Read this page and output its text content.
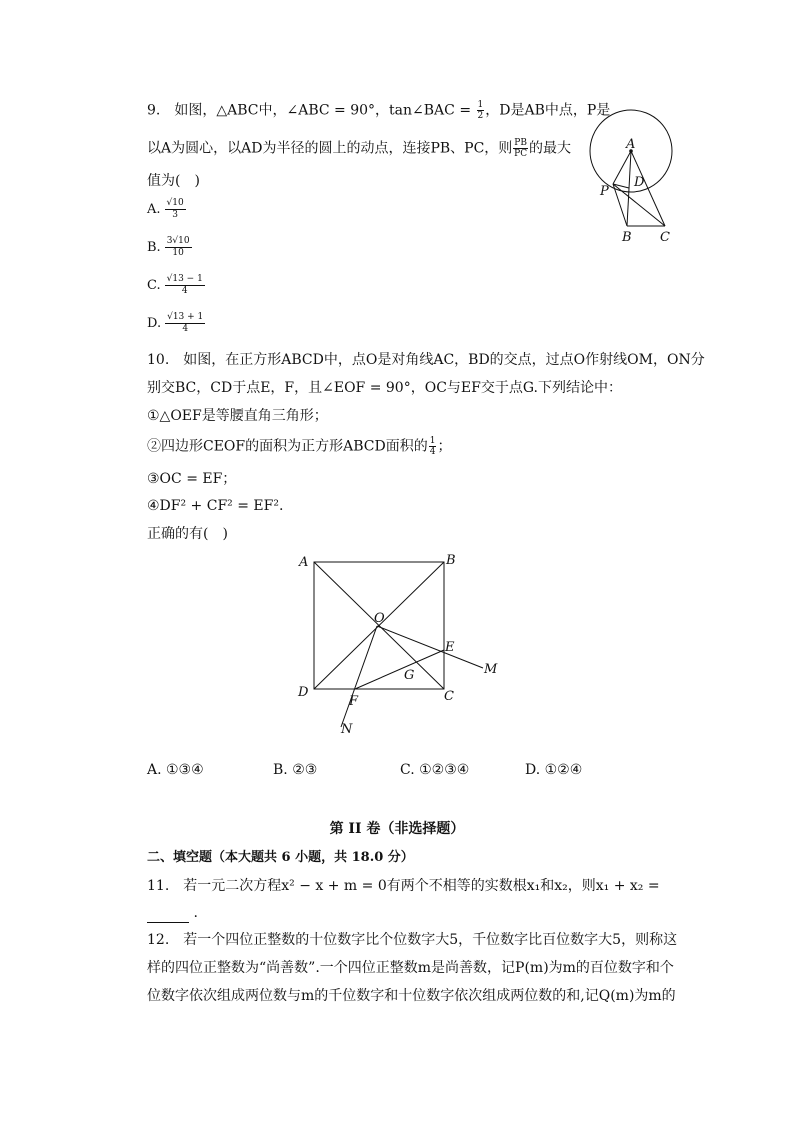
9.　如图，△ABC中，∠ABC = 90°，tan∠BAC = $\frac{1}{2}$ ，D是AB中点，P是
以A为圆心，以AD为半径的圆上的动点，连接PB、PC，则 $\frac{PB}{PC}$ 的最大
值为(　)
A. $\frac{√10}{3}$
B. $\frac{3√10}{10}$
C. $\frac{√13 - 1}{4}$
D. $\frac{√13 + 1}{4}$
A
P
D
B C
10.　如图，在正方形ABCD中，点O是对角线AC，BD的交点，过点O作射线OM，ON分
别交BC，CD于点E，F，且∠EOF = 90°，OC与EF交于点G.下列结论中：
①△OEF是等腰直角三角形；
②四边形CEOF的面积为正方形ABCD面积的 $\frac{1}{4}$ ；
③OC = EF；
④DF² + CF² = EF².
正确的有(　)
A	B
C
D
O
E
F
G	M
N
A. ①③④	B. ②③	C. ①②③④	D. ①②④
第 II 卷（非选择题）
二、填空题（本大题共 6 小题，共 18.0 分）
11.　若一元二次方程x² − x + m = 0有两个不相等的实数根x₁和x₂，则x₁ + x₂ =
.
12.　若一个四位正整数的十位数字比个位数字大5，千位数字比百位数字大5，则称这
样的四位正整数为“尚善数”.一个四位正整数m是尚善数，记P(m)为m的百位数字和个
位数字依次组成两位数与m的千位数字和十位数字依次组成两位数的和,记Q(m)为m的
